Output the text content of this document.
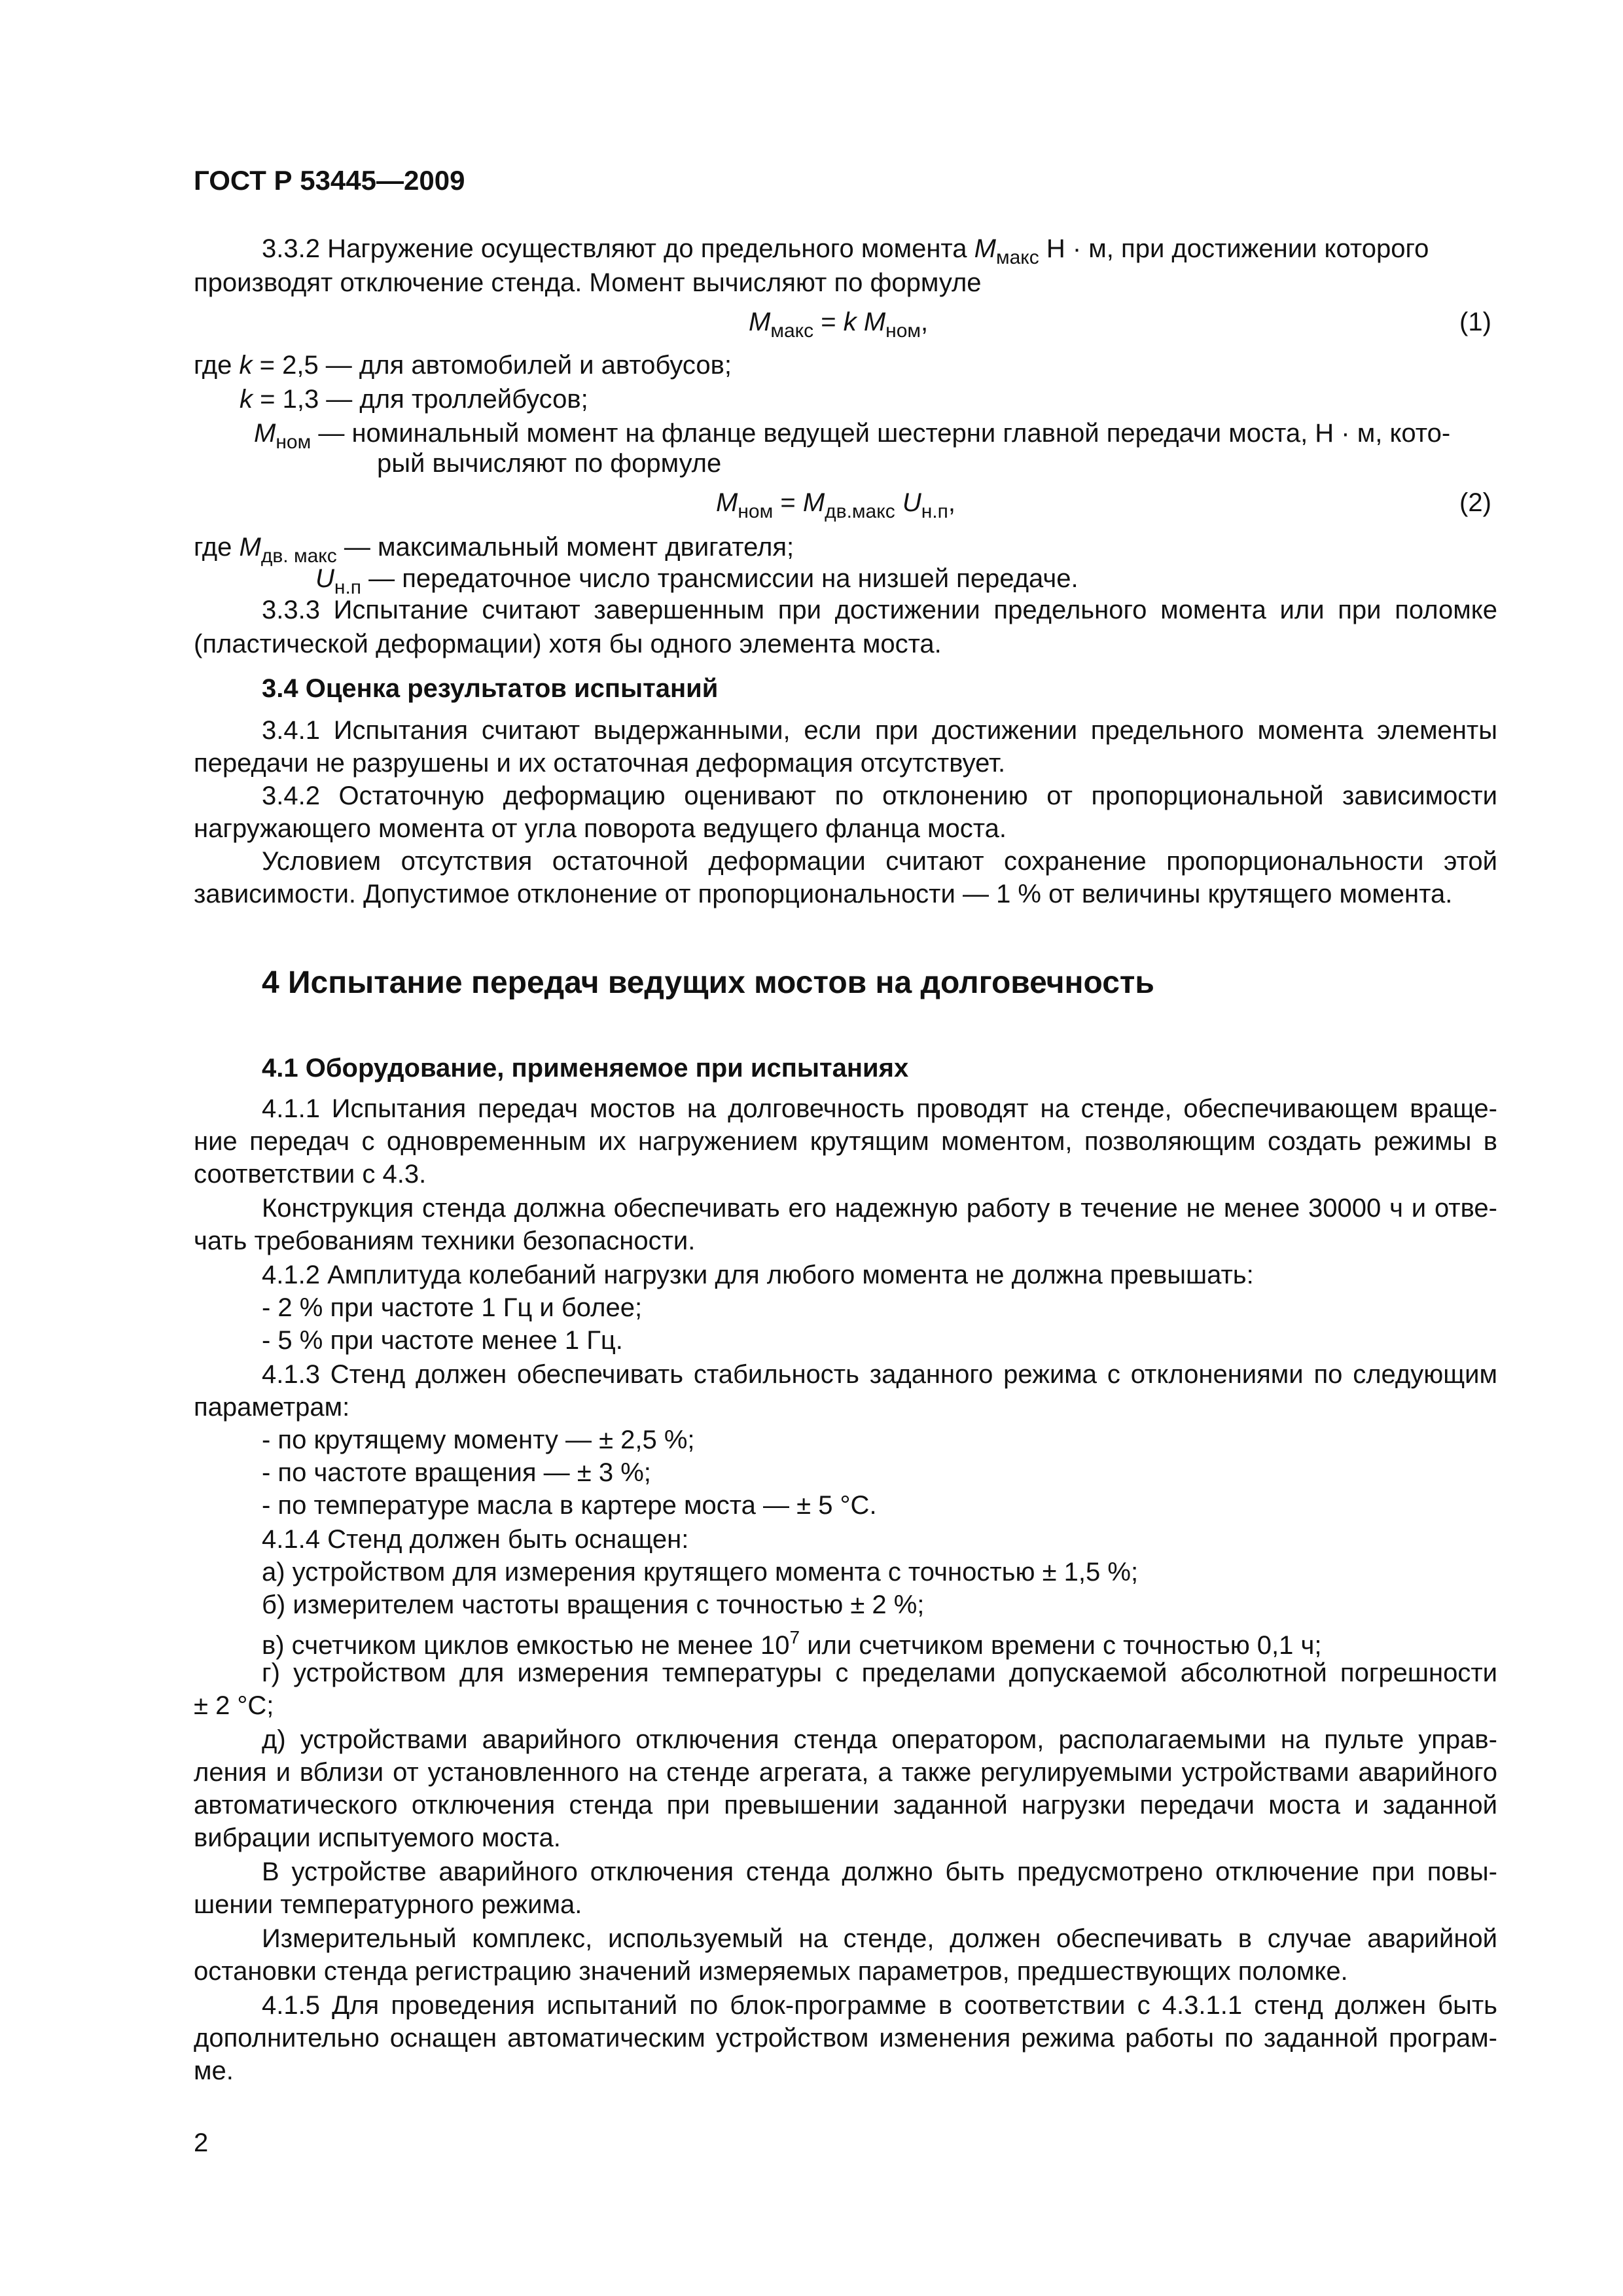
ГОСТ Р 53445—2009
3.3.2 Нагружение осуществляют до предельного момента $M_{макс}$ Н · м, при достижении которого
производят отключение стенда. Момент вычисляют по формуле
$M_{макс} = k$ $M_{ном}$,	(1)
где k = 2,5 — для автомобилей и автобусов;
k = 1,3 — для троллейбусов;
$M_{ном}$ — номинальный момент на фланце ведущей шестерни главной передачи моста, Н · м, кото-
рый вычисляют по формуле
$M_{ном} = M_{дв.макс}$ $U_{н.п}$,	(2)
где $M_{дв. макс}$ — максимальный момент двигателя;
$U_{н.п}$ — передаточное число трансмиссии на низшей передаче.
3.3.3 Испытание считают завершенным при достижении предельного момента или при поломке
(пластической деформации) хотя бы одного элемента моста.
3.4 Оценка результатов испытаний
3.4.1 Испытания считают выдержанными, если при достижении предельного момента элементы
передачи не разрушены и их остаточная деформация отсутствует.
3.4.2 Остаточную деформацию оценивают по отклонению от пропорциональной зависимости
нагружающего момента от угла поворота ведущего фланца моста.
Условием отсутствия остаточной деформации считают сохранение пропорциональности этой
зависимости. Допустимое отклонение от пропорциональности — 1 % от величины крутящего момента.
4 Испытание передач ведущих мостов на долговечность
4.1 Оборудование, применяемое при испытаниях
4.1.1 Испытания передач мостов на долговечность проводят на стенде, обеспечивающем враще-
ние передач с одновременным их нагружением крутящим моментом, позволяющим создать режимы в
соответствии с 4.3.
Конструкция стенда должна обеспечивать его надежную работу в течение не менее 30000 ч и отве-
чать требованиям техники безопасности.
4.1.2 Амплитуда колебаний нагрузки для любого момента не должна превышать:
- 2 % при частоте 1 Гц и более;
- 5 % при частоте менее 1 Гц.
4.1.3 Стенд должен обеспечивать стабильность заданного режима с отклонениями по следующим
параметрам:
- по крутящему моменту — ± 2,5 %;
- по частоте вращения — ± 3 %;
- по температуре масла в картере моста — ± 5 °С.
4.1.4 Стенд должен быть оснащен:
а) устройством для измерения крутящего момента с точностью ± 1,5 %;
б) измерителем частоты вращения с точностью ± 2 %;
в) счетчиком циклов емкостью не менее $10^7$ или счетчиком времени с точностью 0,1 ч;
г) устройством для измерения температуры с пределами допускаемой абсолютной погрешности
± 2 °С;
д) устройствами аварийного отключения стенда оператором, располагаемыми на пульте управ-
ления и вблизи от установленного на стенде агрегата, а также регулируемыми устройствами аварийного
автоматического отключения стенда при превышении заданной нагрузки передачи моста и заданной
вибрации испытуемого моста.
В устройстве аварийного отключения стенда должно быть предусмотрено отключение при повы-
шении температурного режима.
Измерительный комплекс, используемый на стенде, должен обеспечивать в случае аварийной
остановки стенда регистрацию значений измеряемых параметров, предшествующих поломке.
4.1.5 Для проведения испытаний по блок-программе в соответствии с 4.3.1.1 стенд должен быть
дополнительно оснащен автоматическим устройством изменения режима работы по заданной програм-
ме.
2
